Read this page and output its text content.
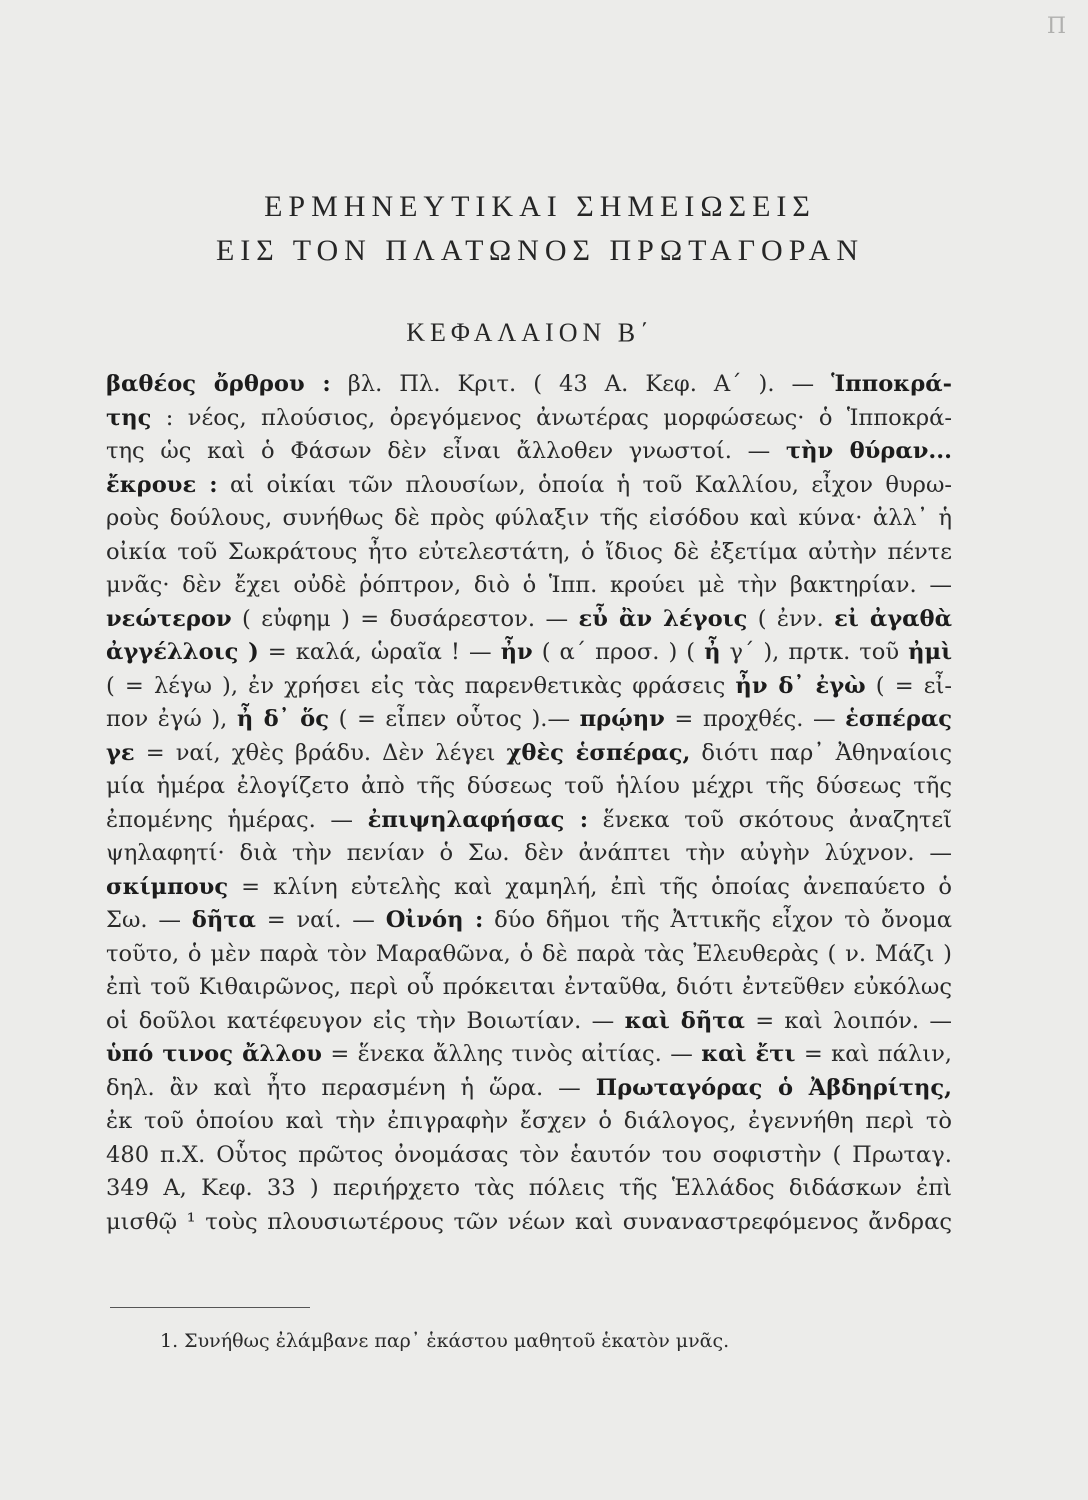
Π
ΕΡΜΗΝΕΥΤΙΚΑΙ ΣΗΜΕΙΩΣΕΙΣ
ΕΙΣ ΤΟΝ ΠΛΑΤΩΝΟΣ ΠΡΩΤΑΓΟΡΑΝ
ΚΕΦΑΛΑΙΟΝ Β΄
βαθέος ὄρθρου : βλ. Πλ. Κριτ. ( 43 Α. Κεφ. Α΄ ). — Ἱπποκρά-
της : νέος, πλούσιος, ὀρεγόμενος ἀνωτέρας μορφώσεως· ὁ Ἱπποκρά-
της ὡς καὶ ὁ Φάσων δὲν εἶναι ἄλλοθεν γνωστοί. — τὴν θύραν...
ἔκρουε : αἱ οἰκίαι τῶν πλουσίων, ὁποία ἡ τοῦ Καλλίου, εἶχον θυρω-
ροὺς δούλους, συνήθως δὲ πρὸς φύλαξιν τῆς εἰσόδου καὶ κύνα· ἀλλ᾿ ἡ
οἰκία τοῦ Σωκράτους ἦτο εὐτελεστάτη, ὁ ἴδιος δὲ ἐξετίμα αὐτὴν πέντε
μνᾶς· δὲν ἔχει οὐδὲ ῥόπτρον, διὸ ὁ Ἱππ. κρούει μὲ τὴν βακτηρίαν. —
νεώτερον ( εὐφημ ) = δυσάρεστον. — εὖ ἂν λέγοις ( ἐνν. εἰ ἀγαθὰ
ἀγγέλλοις ) = καλά, ὡραῖα ! — ἦν ( α΄ προσ. ) ( ἦ γ΄ ), πρτκ. τοῦ ἠμὶ
( = λέγω ), ἐν χρήσει εἰς τὰς παρενθετικὰς φράσεις ἦν δ᾿ ἐγὼ ( = εἶ-
πον ἐγώ ), ἦ δ᾿ ὅς ( = εἶπεν οὗτος ).— πρῴην = προχθές. — ἑσπέρας
γε = ναί, χθὲς βράδυ. Δὲν λέγει χθὲς ἑσπέρας, διότι παρ᾿ Ἀθηναίοις
μία ἡμέρα ἐλογίζετο ἀπὸ τῆς δύσεως τοῦ ἡλίου μέχρι τῆς δύσεως τῆς
ἐπομένης ἡμέρας. — ἐπιψηλαφήσας : ἕνεκα τοῦ σκότους ἀναζητεῖ
ψηλαφητί· διὰ τὴν πενίαν ὁ Σω. δὲν ἀνάπτει τὴν αὐγὴν λύχνον. —
σκίμπους = κλίνη εὐτελὴς καὶ χαμηλή, ἐπὶ τῆς ὁποίας ἀνεπαύετο ὁ
Σω. — δῆτα = ναί. — Οἰνόη : δύο δῆμοι τῆς Ἀττικῆς εἶχον τὸ ὄνομα
τοῦτο, ὁ μὲν παρὰ τὸν Μαραθῶνα, ὁ δὲ παρὰ τὰς Ἐλευθερὰς ( ν. Μάζι )
ἐπὶ τοῦ Κιθαιρῶνος, περὶ οὗ πρόκειται ἐνταῦθα, διότι ἐντεῦθεν εὐκόλως
οἱ δοῦλοι κατέφευγον εἰς τὴν Βοιωτίαν. — καὶ δῆτα = καὶ λοιπόν. —
ὑπό τινος ἄλλου = ἕνεκα ἄλλης τινὸς αἰτίας. — καὶ ἔτι = καὶ πάλιν,
δηλ. ἂν καὶ ἦτο περασμένη ἡ ὥρα. — Πρωταγόρας ὁ Ἀβδηρίτης,
ἐκ τοῦ ὁποίου καὶ τὴν ἐπιγραφὴν ἔσχεν ὁ διάλογος, ἐγεννήθη περὶ τὸ
480 π.Χ. Οὗτος πρῶτος ὀνομάσας τὸν ἑαυτόν του σοφιστὴν ( Πρωταγ.
349 Α, Κεφ. 33 ) περιήρχετο τὰς πόλεις τῆς Ἑλλάδος διδάσκων ἐπὶ
μισθῷ ¹ τοὺς πλουσιωτέρους τῶν νέων καὶ συναναστρεφόμενος ἄνδρας
1. Συνήθως ἐλάμβανε παρ᾿ ἑκάστου μαθητοῦ ἑκατὸν μνᾶς.
